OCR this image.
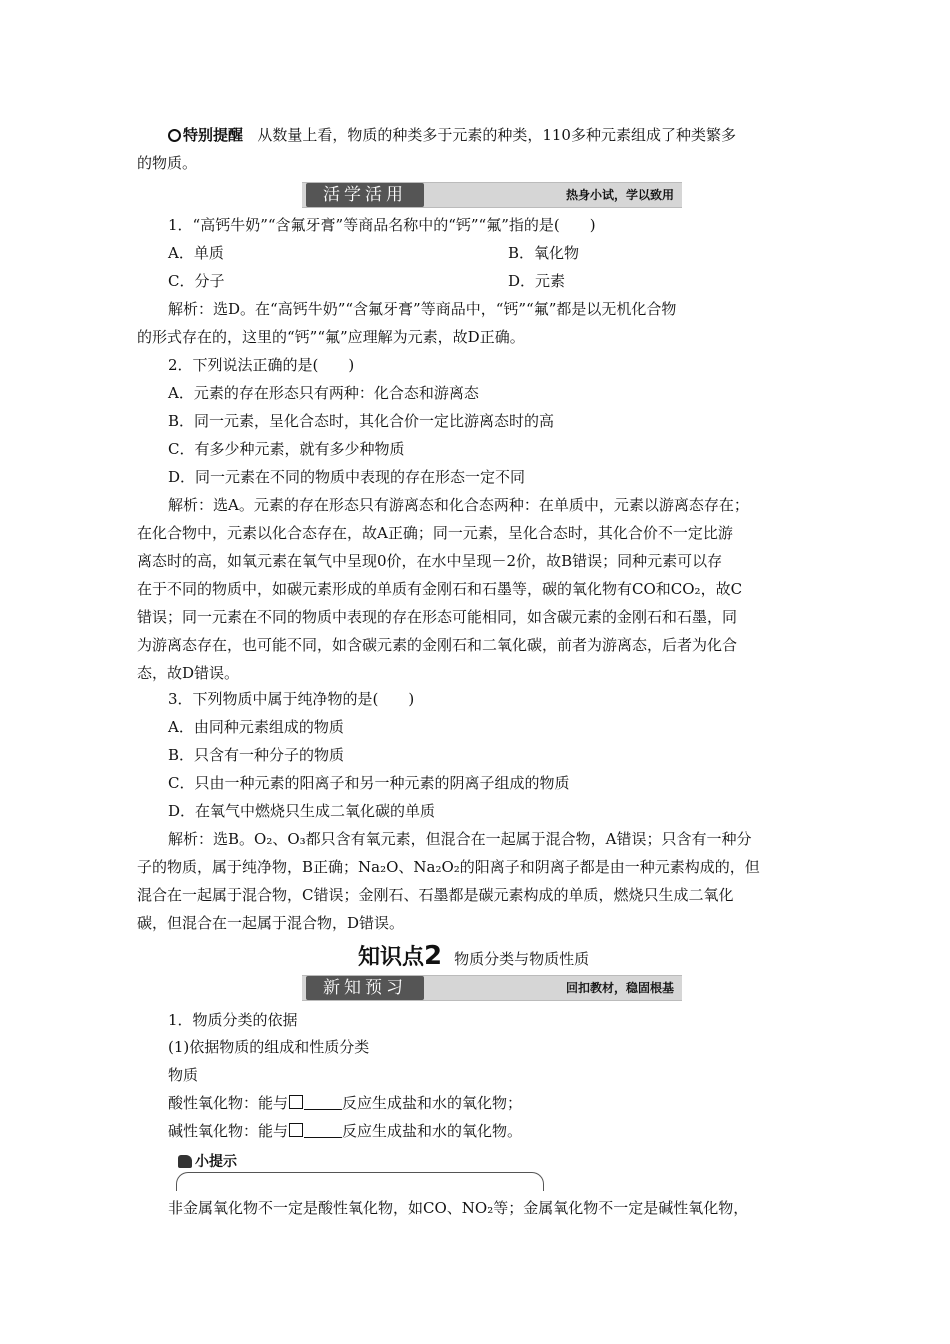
特别提醒 从数量上看，物质的种类多于元素的种类，110多种元素组成了种类繁多
的物质。
活学活用	热身小试，学以致用
1．“高钙牛奶”“含氟牙膏”等商品名称中的“钙”“氟”指的是(　　)
A．单质	B．氧化物
C．分子	D．元素
解析：选D。在“高钙牛奶”“含氟牙膏”等商品中，“钙”“氟”都是以无机化合物
的形式存在的，这里的“钙”“氟”应理解为元素，故D正确。
2．下列说法正确的是(　　)
A．元素的存在形态只有两种：化合态和游离态
B．同一元素，呈化合态时，其化合价一定比游离态时的高
C．有多少种元素，就有多少种物质
D．同一元素在不同的物质中表现的存在形态一定不同
解析：选A。元素的存在形态只有游离态和化合态两种：在单质中，元素以游离态存在；
在化合物中，元素以化合态存在，故A正确；同一元素，呈化合态时，其化合价不一定比游
离态时的高，如氧元素在氧气中呈现0价，在水中呈现－2价，故B错误；同种元素可以存
在于不同的物质中，如碳元素形成的单质有金刚石和石墨等，碳的氧化物有CO和CO₂，故C
错误；同一元素在不同的物质中表现的存在形态可能相同，如含碳元素的金刚石和石墨，同
为游离态存在，也可能不同，如含碳元素的金刚石和二氧化碳，前者为游离态，后者为化合
态，故D错误。
3．下列物质中属于纯净物的是(　　)
A．由同种元素组成的物质
B．只含有一种分子的物质
C．只由一种元素的阳离子和另一种元素的阴离子组成的物质
D．在氧气中燃烧只生成二氧化碳的单质
解析：选B。O₂、O₃都只含有氧元素，但混合在一起属于混合物，A错误；只含有一种分
子的物质，属于纯净物，B正确；Na₂O、Na₂O₂的阳离子和阴离子都是由一种元素构成的，但
混合在一起属于混合物，C错误；金刚石、石墨都是碳元素构成的单质，燃烧只生成二氧化
碳，但混合在一起属于混合物，D错误。
知识点2 物质分类与物质性质
新知预习	回扣教材，稳固根基
1．物质分类的依据
(1)依据物质的组成和性质分类
物质
酸性氧化物：能与	反应生成盐和水的氧化物；
碱性氧化物：能与	反应生成盐和水的氧化物。
小提示
非金属氧化物不一定是酸性氧化物，如CO、NO₂等；金属氧化物不一定是碱性氧化物，
